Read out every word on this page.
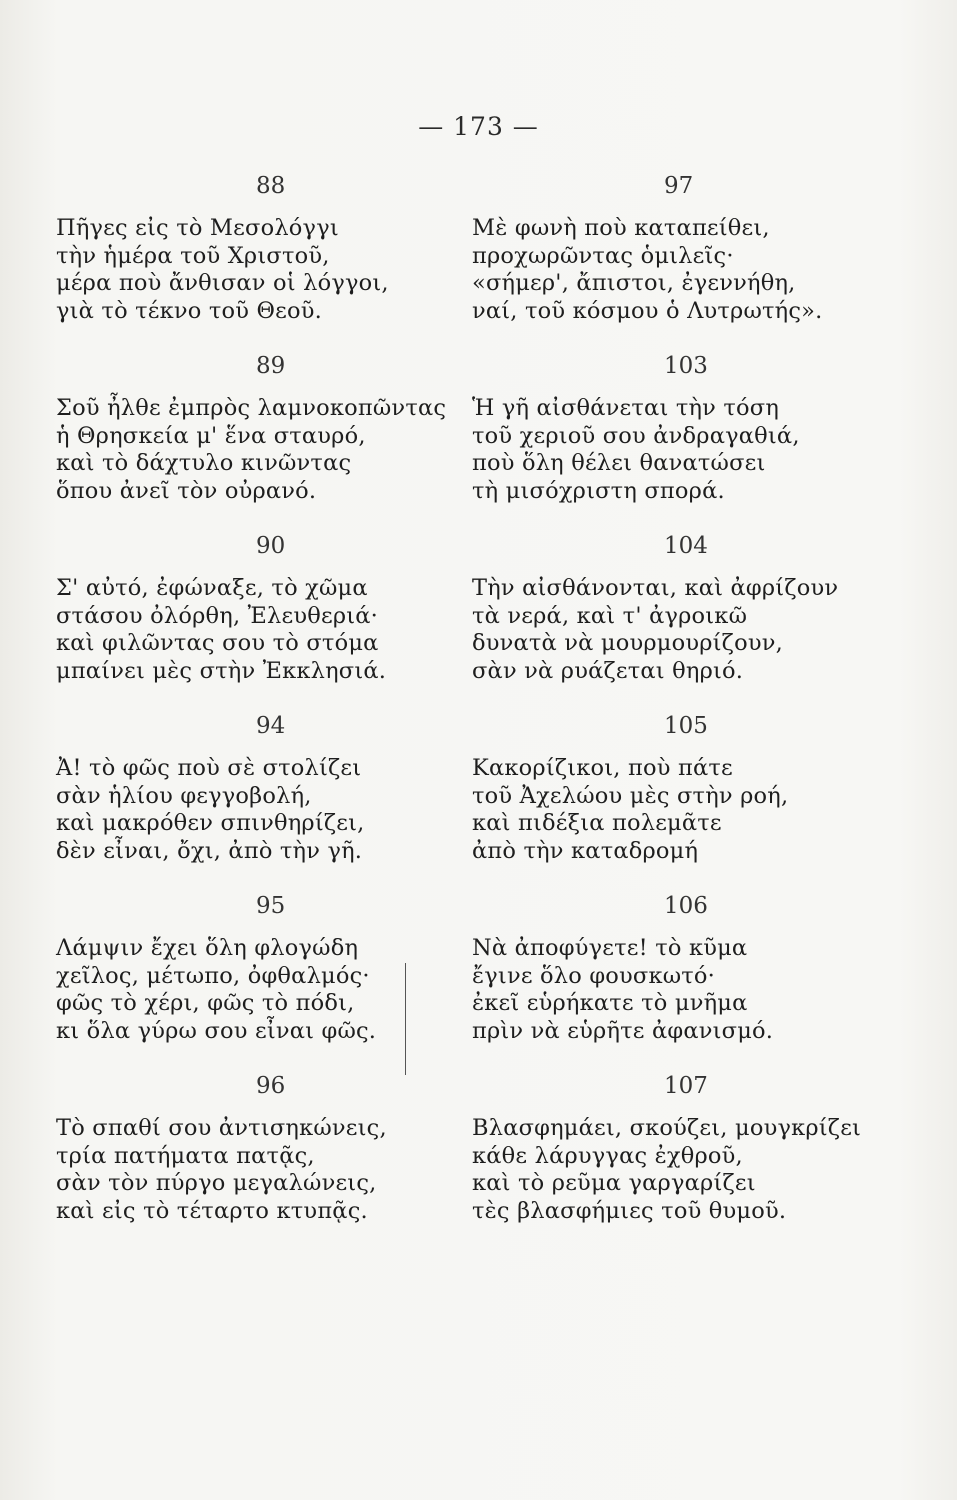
— 173 —
88
Πῆγες εἰς τὸ Μεσολόγγι
τὴν ἡμέρα τοῦ Χριστοῦ,
μέρα ποὺ ἄνθισαν οἱ λόγγοι,
γιὰ τὸ τέκνο τοῦ Θεοῦ.
89
Σοῦ ἦλθε ἐμπρὸς λαμνοκοπῶντας
ἡ Θρησκεία μ' ἕνα σταυρό,
καὶ τὸ δάχτυλο κινῶντας
ὅπου ἀνεῖ τὸν οὐρανό.
90
Σ' αὐτό, ἐφώναξε, τὸ χῶμα
στάσου ὀλόρθη, Ἐλευθεριά·
καὶ φιλῶντας σου τὸ στόμα
μπαίνει μὲς στὴν Ἐκκλησιά.
94
Ἀ! τὸ φῶς ποὺ σὲ στολίζει
σὰν ἡλίου φεγγοβολή,
καὶ μακρόθεν σπινθηρίζει,
δὲν εἶναι, ὄχι, ἀπὸ τὴν γῆ.
95
Λάμψιν ἔχει ὅλη φλογώδη
χεῖλος, μέτωπο, ὀφθαλμός·
φῶς τὸ χέρι, φῶς τὸ πόδι,
κι ὅλα γύρω σου εἶναι φῶς.
96
Τὸ σπαθί σου ἀντισηκώνεις,
τρία πατήματα πατᾷς,
σὰν τὸν πύργο μεγαλώνεις,
καὶ εἰς τὸ τέταρτο κτυπᾷς.
97
Μὲ φωνὴ ποὺ καταπείθει,
προχωρῶντας ὁμιλεῖς·
«σήμερ', ἄπιστοι, ἐγεννήθη,
ναί, τοῦ κόσμου ὁ Λυτρωτής».
103
Ἡ γῆ αἰσθάνεται τὴν τόση
τοῦ χεριοῦ σου ἀνδραγαθιά,
ποὺ ὅλη θέλει θανατώσει
τὴ μισόχριστη σπορά.
104
Τὴν αἰσθάνονται, καὶ ἀφρίζουν
τὰ νερά, καὶ τ' ἀγροικῶ
δυνατὰ νὰ μουρμουρίζουν,
σὰν νὰ ρυάζεται θηριό.
105
Κακορίζικοι, ποὺ πάτε
τοῦ Ἀχελώου μὲς στὴν ροή,
καὶ πιδέξια πολεμᾶτε
ἀπὸ τὴν καταδρομή
106
Νὰ ἀποφύγετε! τὸ κῦμα
ἔγινε ὅλο φουσκωτό·
ἐκεῖ εὑρήκατε τὸ μνῆμα
πρὶν νὰ εὑρῆτε ἀφανισμό.
107
Βλασφημάει, σκούζει, μουγκρίζει
κάθε λάρυγγας ἐχθροῦ,
καὶ τὸ ρεῦμα γαργαρίζει
τὲς βλασφήμιες τοῦ θυμοῦ.
